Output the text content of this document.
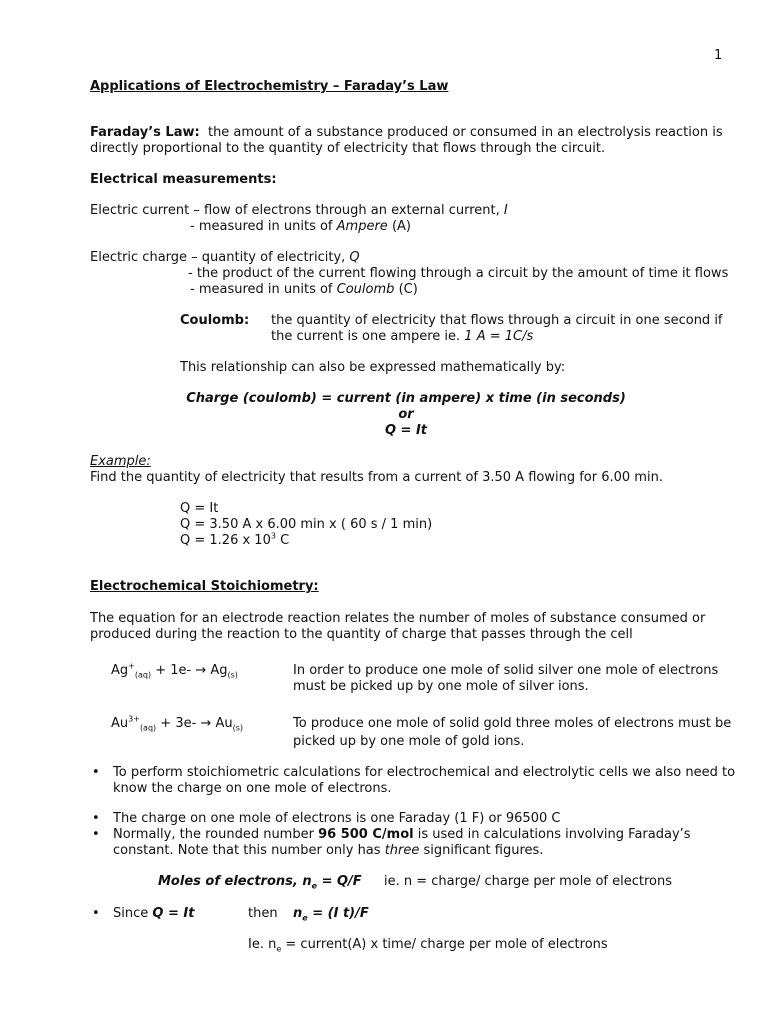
1
Applications of Electrochemistry – Faraday’s Law
Faraday’s Law: the amount of a substance produced or consumed in an electrolysis reaction is
directly proportional to the quantity of electricity that flows through the circuit.
Electrical measurements:
Electric current – flow of electrons through an external current, I
- measured in units of Ampere (A)
Electric charge – quantity of electricity, Q
- the product of the current flowing through a circuit by the amount of time it flows
- measured in units of Coulomb (C)
Coulomb: the quantity of electricity that flows through a circuit in one second if
the current is one ampere ie. 1 A = 1C/s
This relationship can also be expressed mathematically by:
Charge (coulomb) = current (in ampere) x time (in seconds)
or
Q = It
Example:
Find the quantity of electricity that results from a current of 3.50 A flowing for 6.00 min.
Q = It
Q = 3.50 A x 6.00 min x ( 60 s / 1 min)
Q = 1.26 x $10^3$ C
Electrochemical Stoichiometry:
The equation for an electrode reaction relates the number of moles of substance consumed or
produced during the reaction to the quantity of charge that passes through the cell
$Ag^+_{(aq)} + 1e- \to Ag_{(s)}$	In order to produce one mole of solid silver one mole of electrons
must be picked up by one mole of silver ions.
$Au^{3+}_{(aq)} + 3e- \to Au_{(s)}$	To produce one mole of solid gold three moles of electrons must be
picked up by one mole of gold ions.
• To perform stoichiometric calculations for electrochemical and electrolytic cells we also need to
know the charge on one mole of electrons.
• The charge on one mole of electrons is one Faraday (1 F) or 96500 C
• Normally, the rounded number 96 500 C/mol is used in calculations involving Faraday’s
constant. Note that this number only has three significant figures.
Moles of electrons, $n_e = Q/F$ ie. n = charge/ charge per mole of electrons
• Since Q = It	then $n_e = (I$ t)/F
Ie. $n_e$ = current(A) x time/ charge per mole of electrons
